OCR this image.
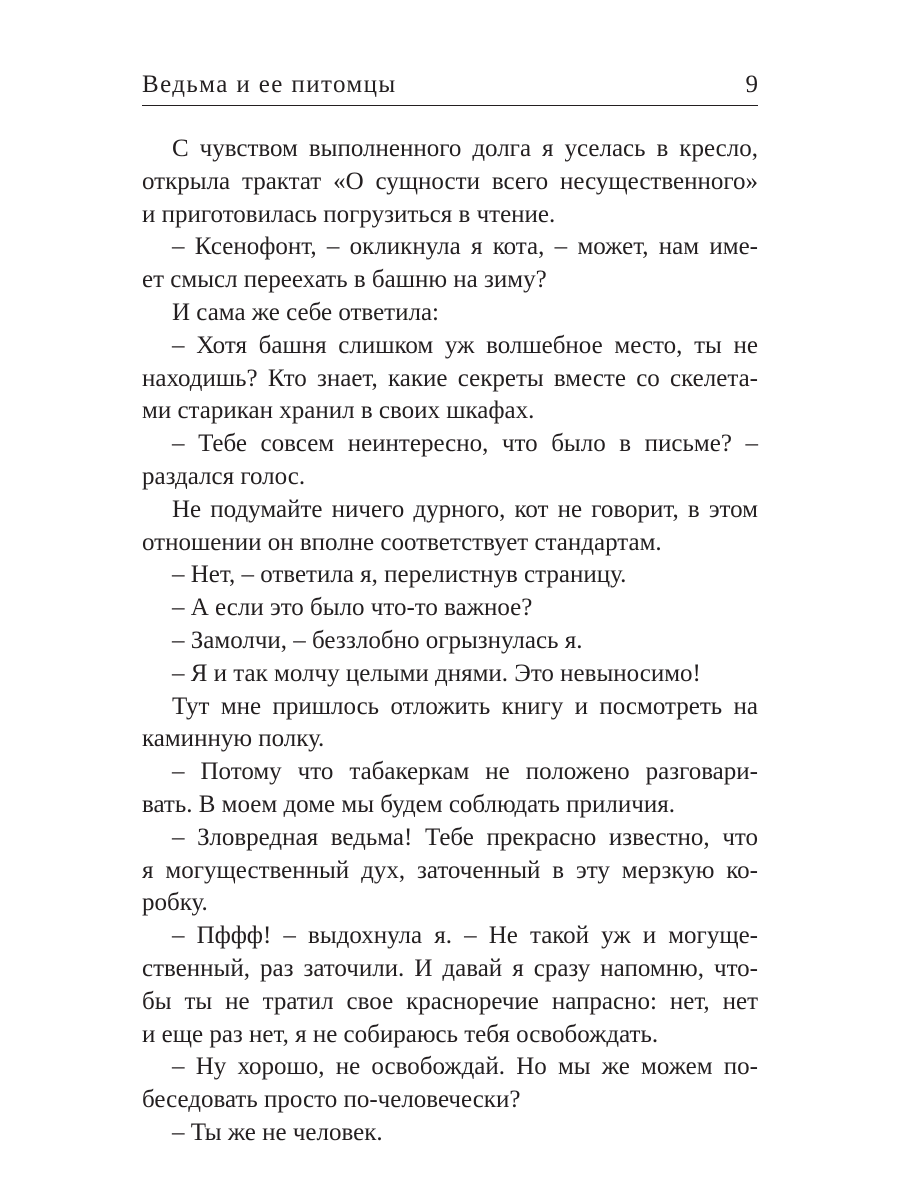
Ведьма и ее питомцы	9
С чувством выполненного долга я уселась в кресло,
открыла трактат «О сущности всего несущественного»
и приготовилась погрузиться в чтение.
– Ксенофонт, – окликнула я кота, – может, нам име-
ет смысл переехать в башню на зиму?
И сама же себе ответила:
– Хотя башня слишком уж волшебное место, ты не
находишь? Кто знает, какие секреты вместе со скелета-
ми старикан хранил в своих шкафах.
– Тебе совсем неинтересно, что было в письме? –
раздался голос.
Не подумайте ничего дурного, кот не говорит, в этом
отношении он вполне соответствует стандартам.
– Нет, – ответила я, перелистнув страницу.
– А если это было что-то важное?
– Замолчи, – беззлобно огрызнулась я.
– Я и так молчу целыми днями. Это невыносимо!
Тут мне пришлось отложить книгу и посмотреть на
каминную полку.
– Потому что табакеркам не положено разговари-
вать. В моем доме мы будем соблюдать приличия.
– Зловредная ведьма! Тебе прекрасно известно, что
я могущественный дух, заточенный в эту мерзкую ко-
робку.
– Пффф! – выдохнула я. – Не такой уж и могуще-
ственный, раз заточили. И давай я сразу напомню, что-
бы ты не тратил свое красноречие напрасно: нет, нет
и еще раз нет, я не собираюсь тебя освобождать.
– Ну хорошо, не освобождай. Но мы же можем по-
беседовать просто по-человечески?
– Ты же не человек.
